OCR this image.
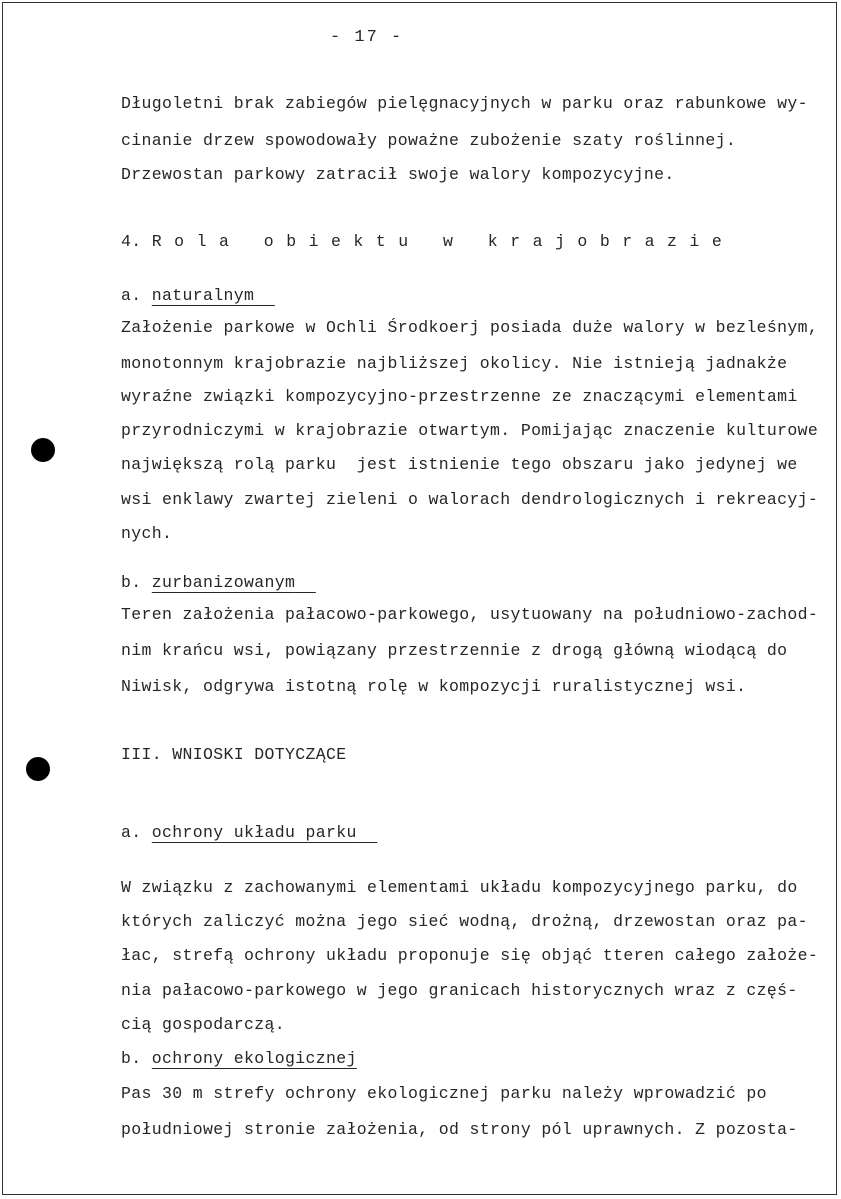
- 17 -
Długoletni brak zabiegów pielęgnacyjnych w parku oraz rabunkowe wy-
cinanie drzew spowodowały poważne zubożenie szaty roślinnej.
Drzewostan parkowy zatracił swoje walory kompozycyjne.
4. Rola obiektu w krajobrazie
a. naturalnym
Założenie parkowe w Ochli Środkoerj posiada duże walory w bezleśnym,
monotonnym krajobrazie najbliższej okolicy. Nie istnieją jadnakże
wyraźne związki kompozycyjno-przestrzenne ze znaczącymi elementami
przyrodniczymi w krajobrazie otwartym. Pomijając znaczenie kulturowe
największą rolą parku  jest istnienie tego obszaru jako jedynej we
wsi enklawy zwartej zieleni o walorach dendrologicznych i rekreacyj-
nych.
b. zurbanizowanym
Teren założenia pałacowo-parkowego, usytuowany na południowo-zachod-
nim krańcu wsi, powiązany przestrzennie z drogą główną wiodącą do
Niwisk, odgrywa istotną rolę w kompozycji ruralistycznej wsi.
III. WNIOSKI DOTYCZĄCE
a. ochrony układu parku
W związku z zachowanymi elementami układu kompozycyjnego parku, do
których zaliczyć można jego sieć wodną, drożną, drzewostan oraz pa-
łac, strefą ochrony układu proponuje się objąć tteren całego założe-
nia pałacowo-parkowego w jego granicach historycznych wraz z częś-
cią gospodarczą.
b. ochrony ekologicznej
Pas 30 m strefy ochrony ekologicznej parku należy wprowadzić po
południowej stronie założenia, od strony pól uprawnych. Z pozosta-
